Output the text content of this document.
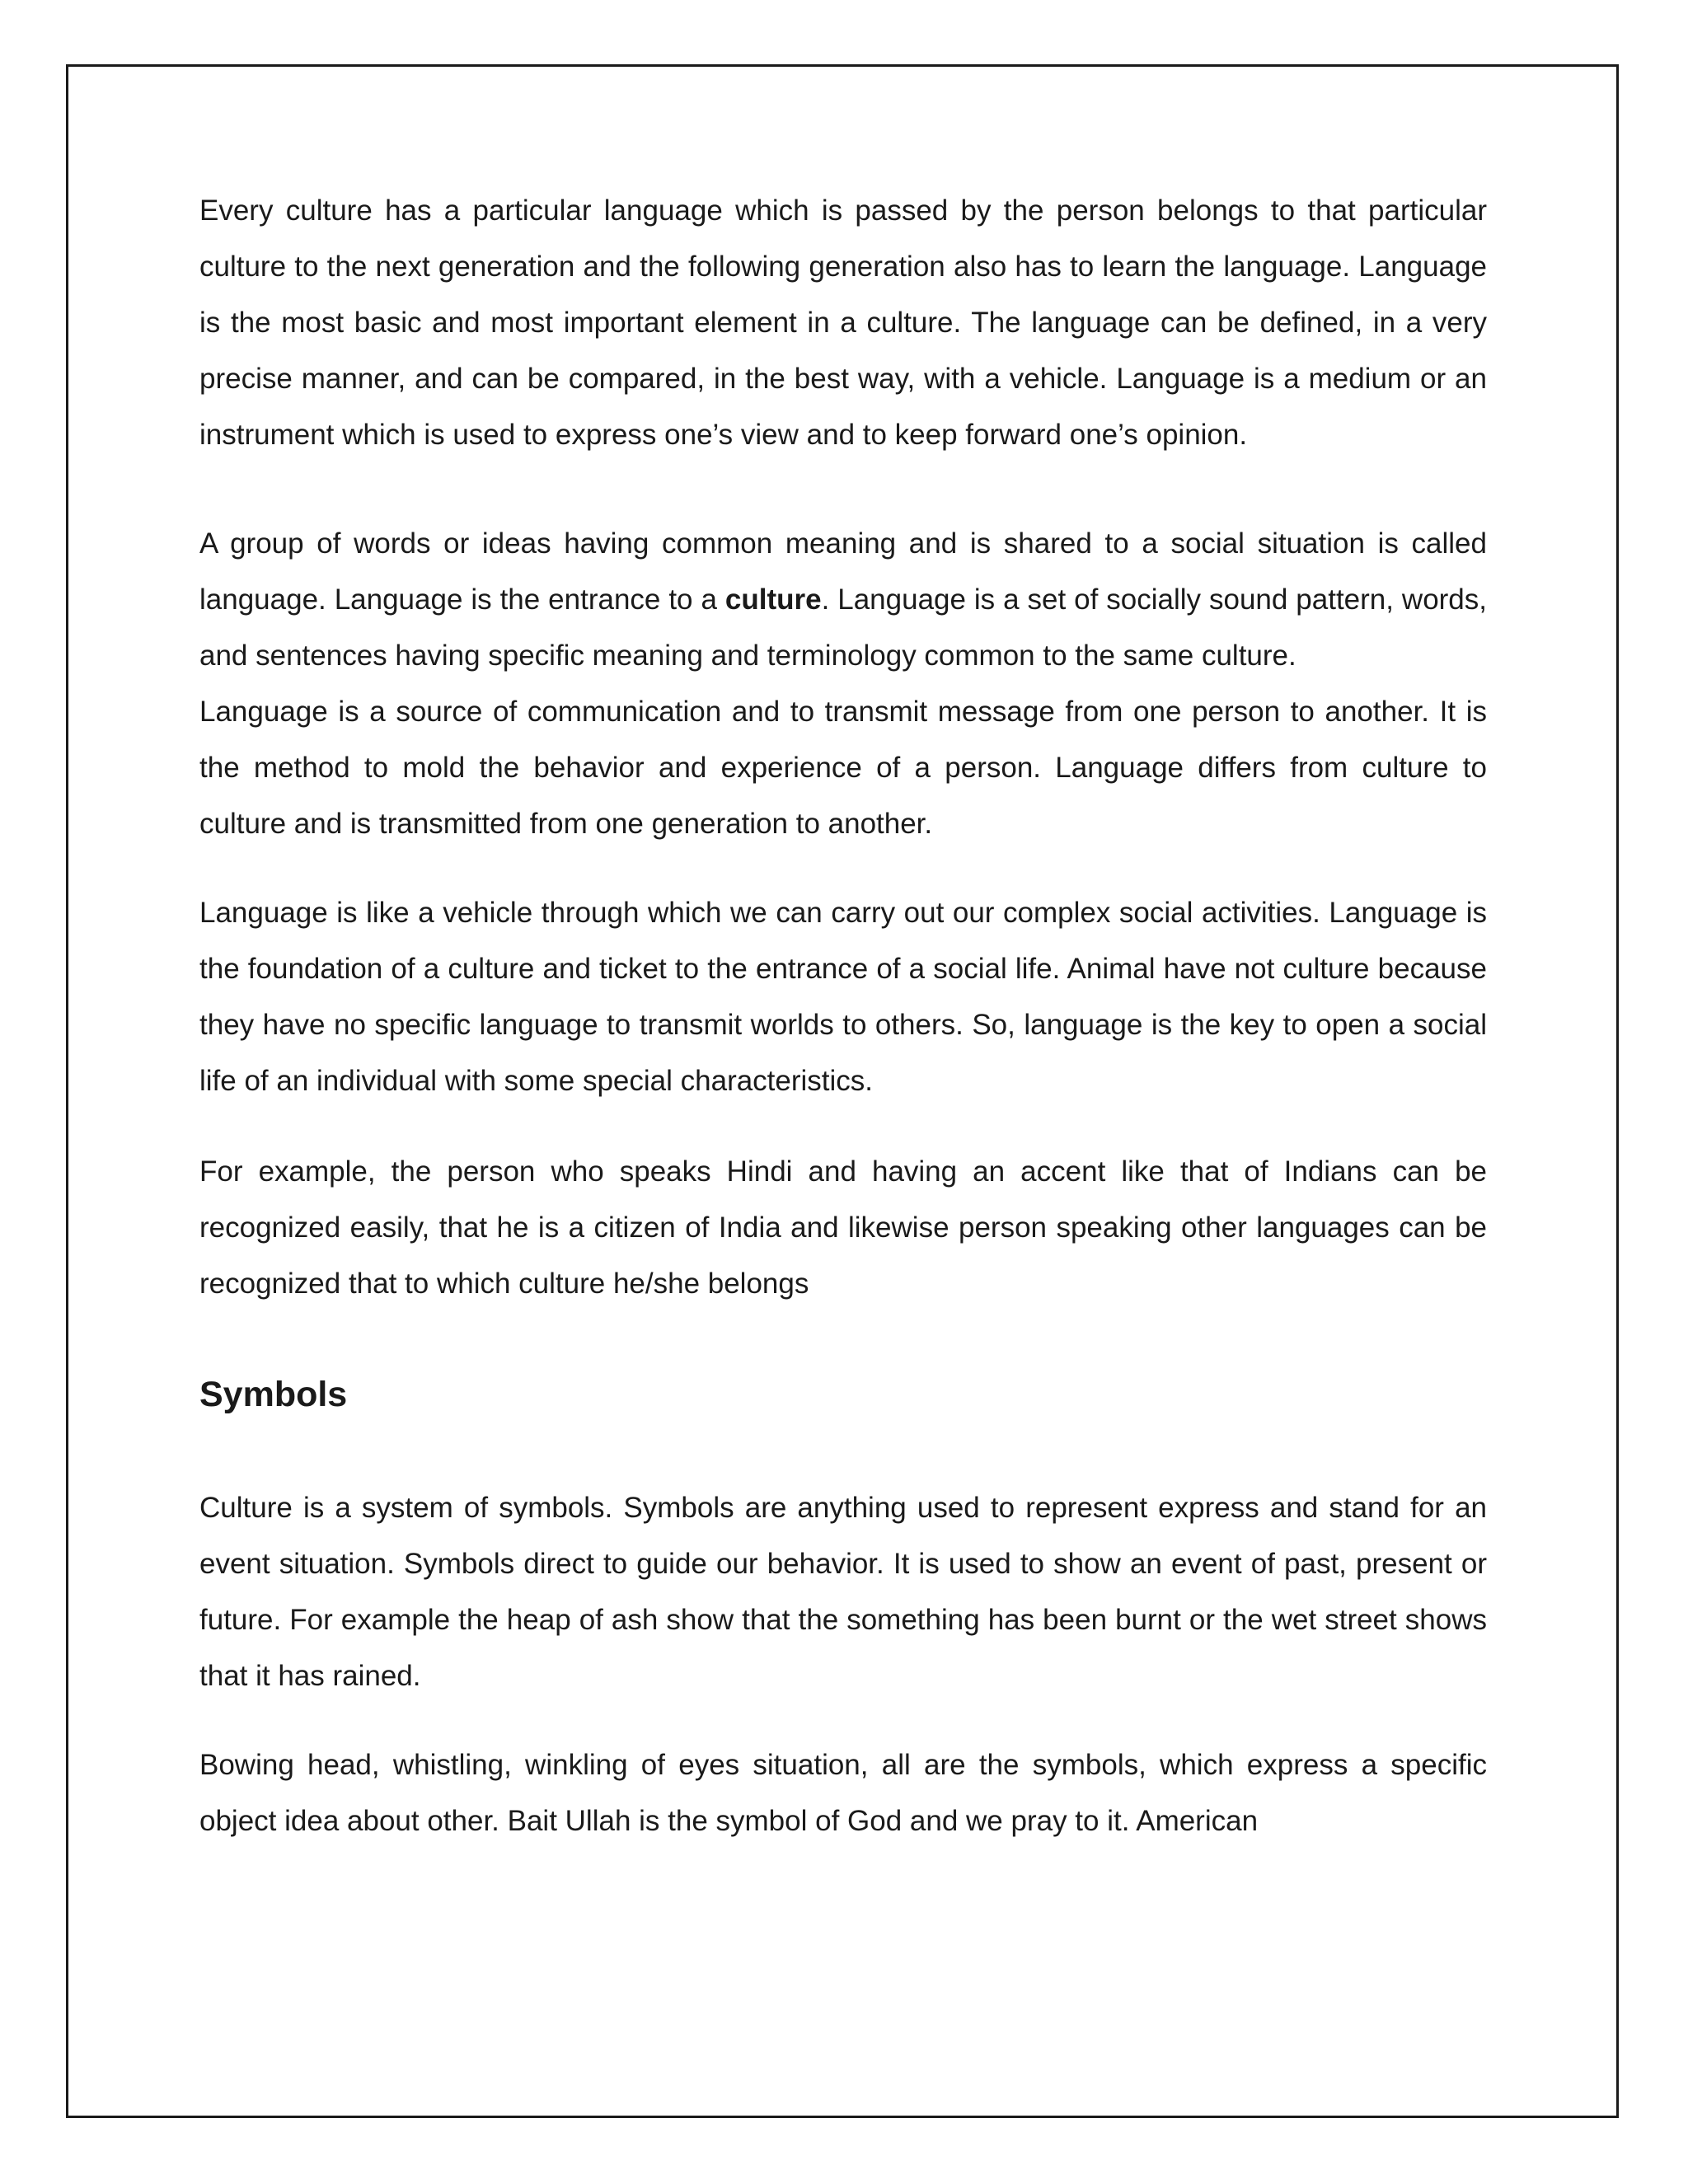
Every culture has a particular language which is passed by the person belongs to that particular culture to the next generation and the following generation also has to learn the language. Language is the most basic and most important element in a culture. The language can be defined, in a very precise manner, and can be compared, in the best way, with a vehicle. Language is a medium or an instrument which is used to express one’s view and to keep forward one’s opinion.

A group of words or ideas having common meaning and is shared to a social situation is called language. Language is the entrance to a culture. Language is a set of socially sound pattern, words, and sentences having specific meaning and terminology common to the same culture.

Language is a source of communication and to transmit message from one person to another. It is the method to mold the behavior and experience of a person. Language differs from culture to culture and is transmitted from one generation to another.

Language is like a vehicle through which we can carry out our complex social activities. Language is the foundation of a culture and ticket to the entrance of a social life. Animal have not culture because they have no specific language to transmit worlds to others. So, language is the key to open a social life of an individual with some special characteristics.

For example, the person who speaks Hindi and having an accent like that of Indians can be recognized easily, that he is a citizen of India and likewise person speaking other languages can be recognized that to which culture he/she belongs

Symbols

Culture is a system of symbols. Symbols are anything used to represent express and stand for an event situation. Symbols direct to guide our behavior. It is used to show an event of past, present or future. For example the heap of ash show that the something has been burnt or the wet street shows that it has rained.

Bowing head, whistling, winkling of eyes situation, all are the symbols, which express a specific object idea about other. Bait Ullah is the symbol of God and we pray to it. American
